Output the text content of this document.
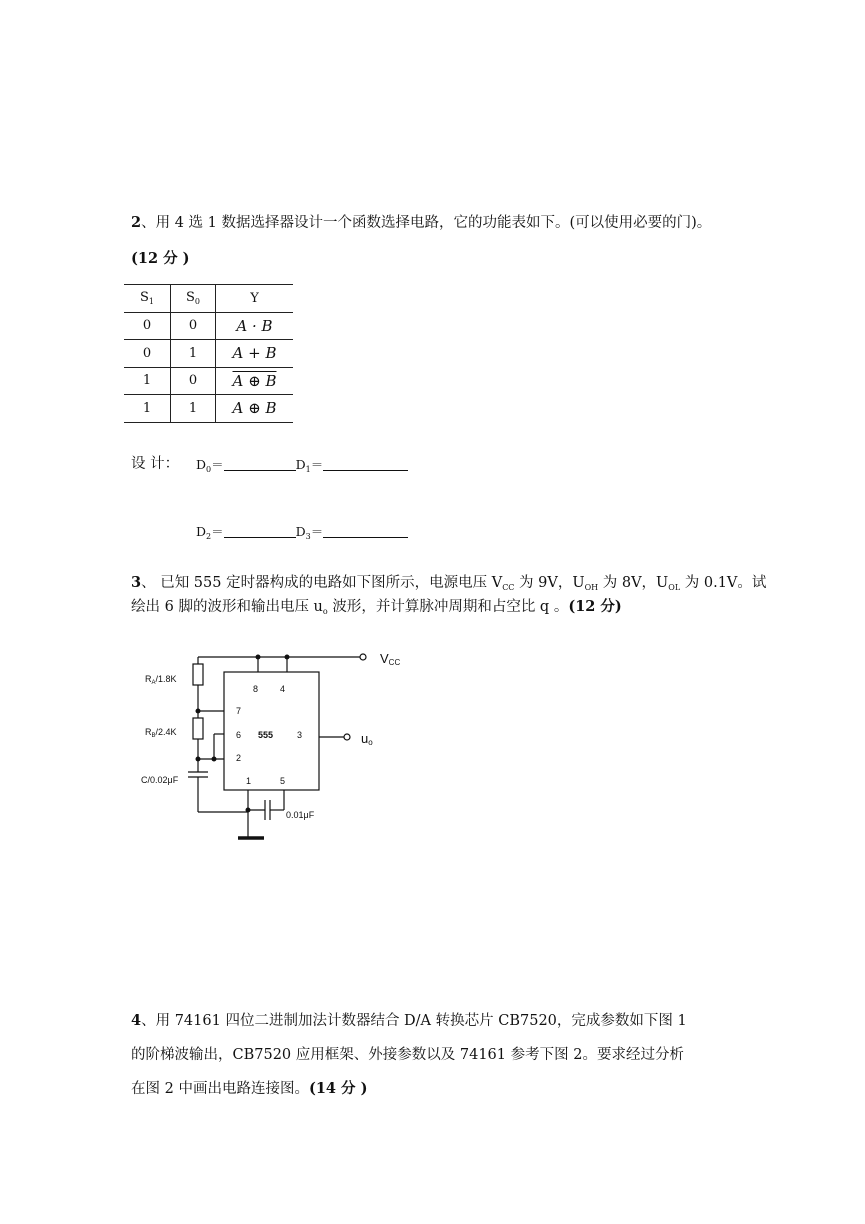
2、用 4 选 1 数据选择器设计一个函数选择电路，它的功能表如下。(可以使用必要的门)。
(12 分 )
$S_1$	$S_0$	Y
0	0	A · B
0	1	A + B
1	0	A ⊕ B
1	1	A ⊕ B
设 计： $D_0=$	$D_1=$
$D_2=$	$D_3=$
3、 已知 555 定时器构成的电路如下图所示，电源电压 $V_{CC}$ 为 9V，$U_{OH}$ 为 8V，$U_{OL}$ 为 0.1V。试
绘出 6 脚的波形和输出电压 $u_o$ 波形，并计算脉冲周期和占空比 q 。(12 分)
8 4
7
6	3
2
1	5
555
$R_A/1.8K$
$R_B/2.4K$
C/0.02μF
0.01μF
VCC
uo
4、用 74161 四位二进制加法计数器结合 D/A 转换芯片 CB7520，完成参数如下图 1
的阶梯波输出，CB7520 应用框架、外接参数以及 74161 参考下图 2。要求经过分析
在图 2 中画出电路连接图。(14 分 )
